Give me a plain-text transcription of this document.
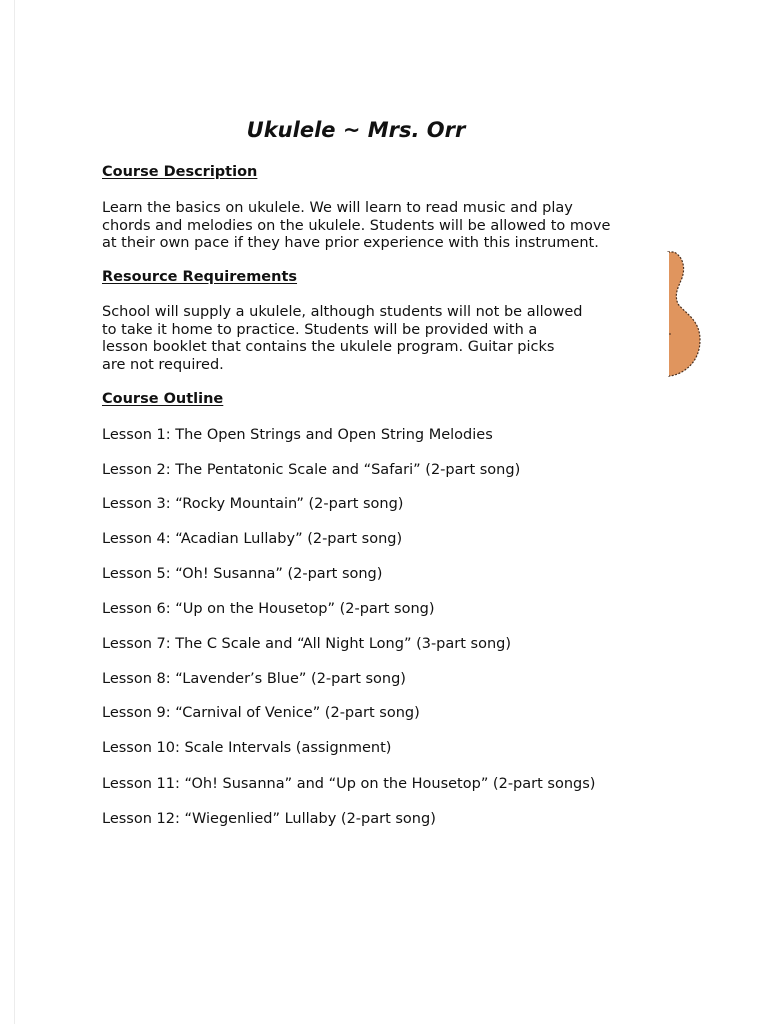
Ukulele ~ Mrs. Orr
Course Description
Learn the basics on ukulele. We will learn to read music and play
chords and melodies on the ukulele. Students will be allowed to move
at their own pace if they have prior experience with this instrument.
Resource Requirements
School will supply a ukulele, although students will not be allowed
to take it home to practice. Students will be provided with a
lesson booklet that contains the ukulele program. Guitar picks
are not required.
Course Outline

Lesson 1: The Open Strings and Open String Melodies

Lesson 2: The Pentatonic Scale and “Safari” (2-part song)

Lesson 3: “Rocky Mountain” (2-part song)

Lesson 4: “Acadian Lullaby” (2-part song)

Lesson 5: “Oh! Susanna” (2-part song)

Lesson 6: “Up on the Housetop” (2-part song)

Lesson 7: The C Scale and “All Night Long” (3-part song)

Lesson 8: “Lavender’s Blue” (2-part song)

Lesson 9: “Carnival of Venice” (2-part song)

Lesson 10: Scale Intervals (assignment)

Lesson 11: “Oh! Susanna” and “Up on the Housetop” (2-part songs)

Lesson 12: “Wiegenlied” Lullaby (2-part song)
